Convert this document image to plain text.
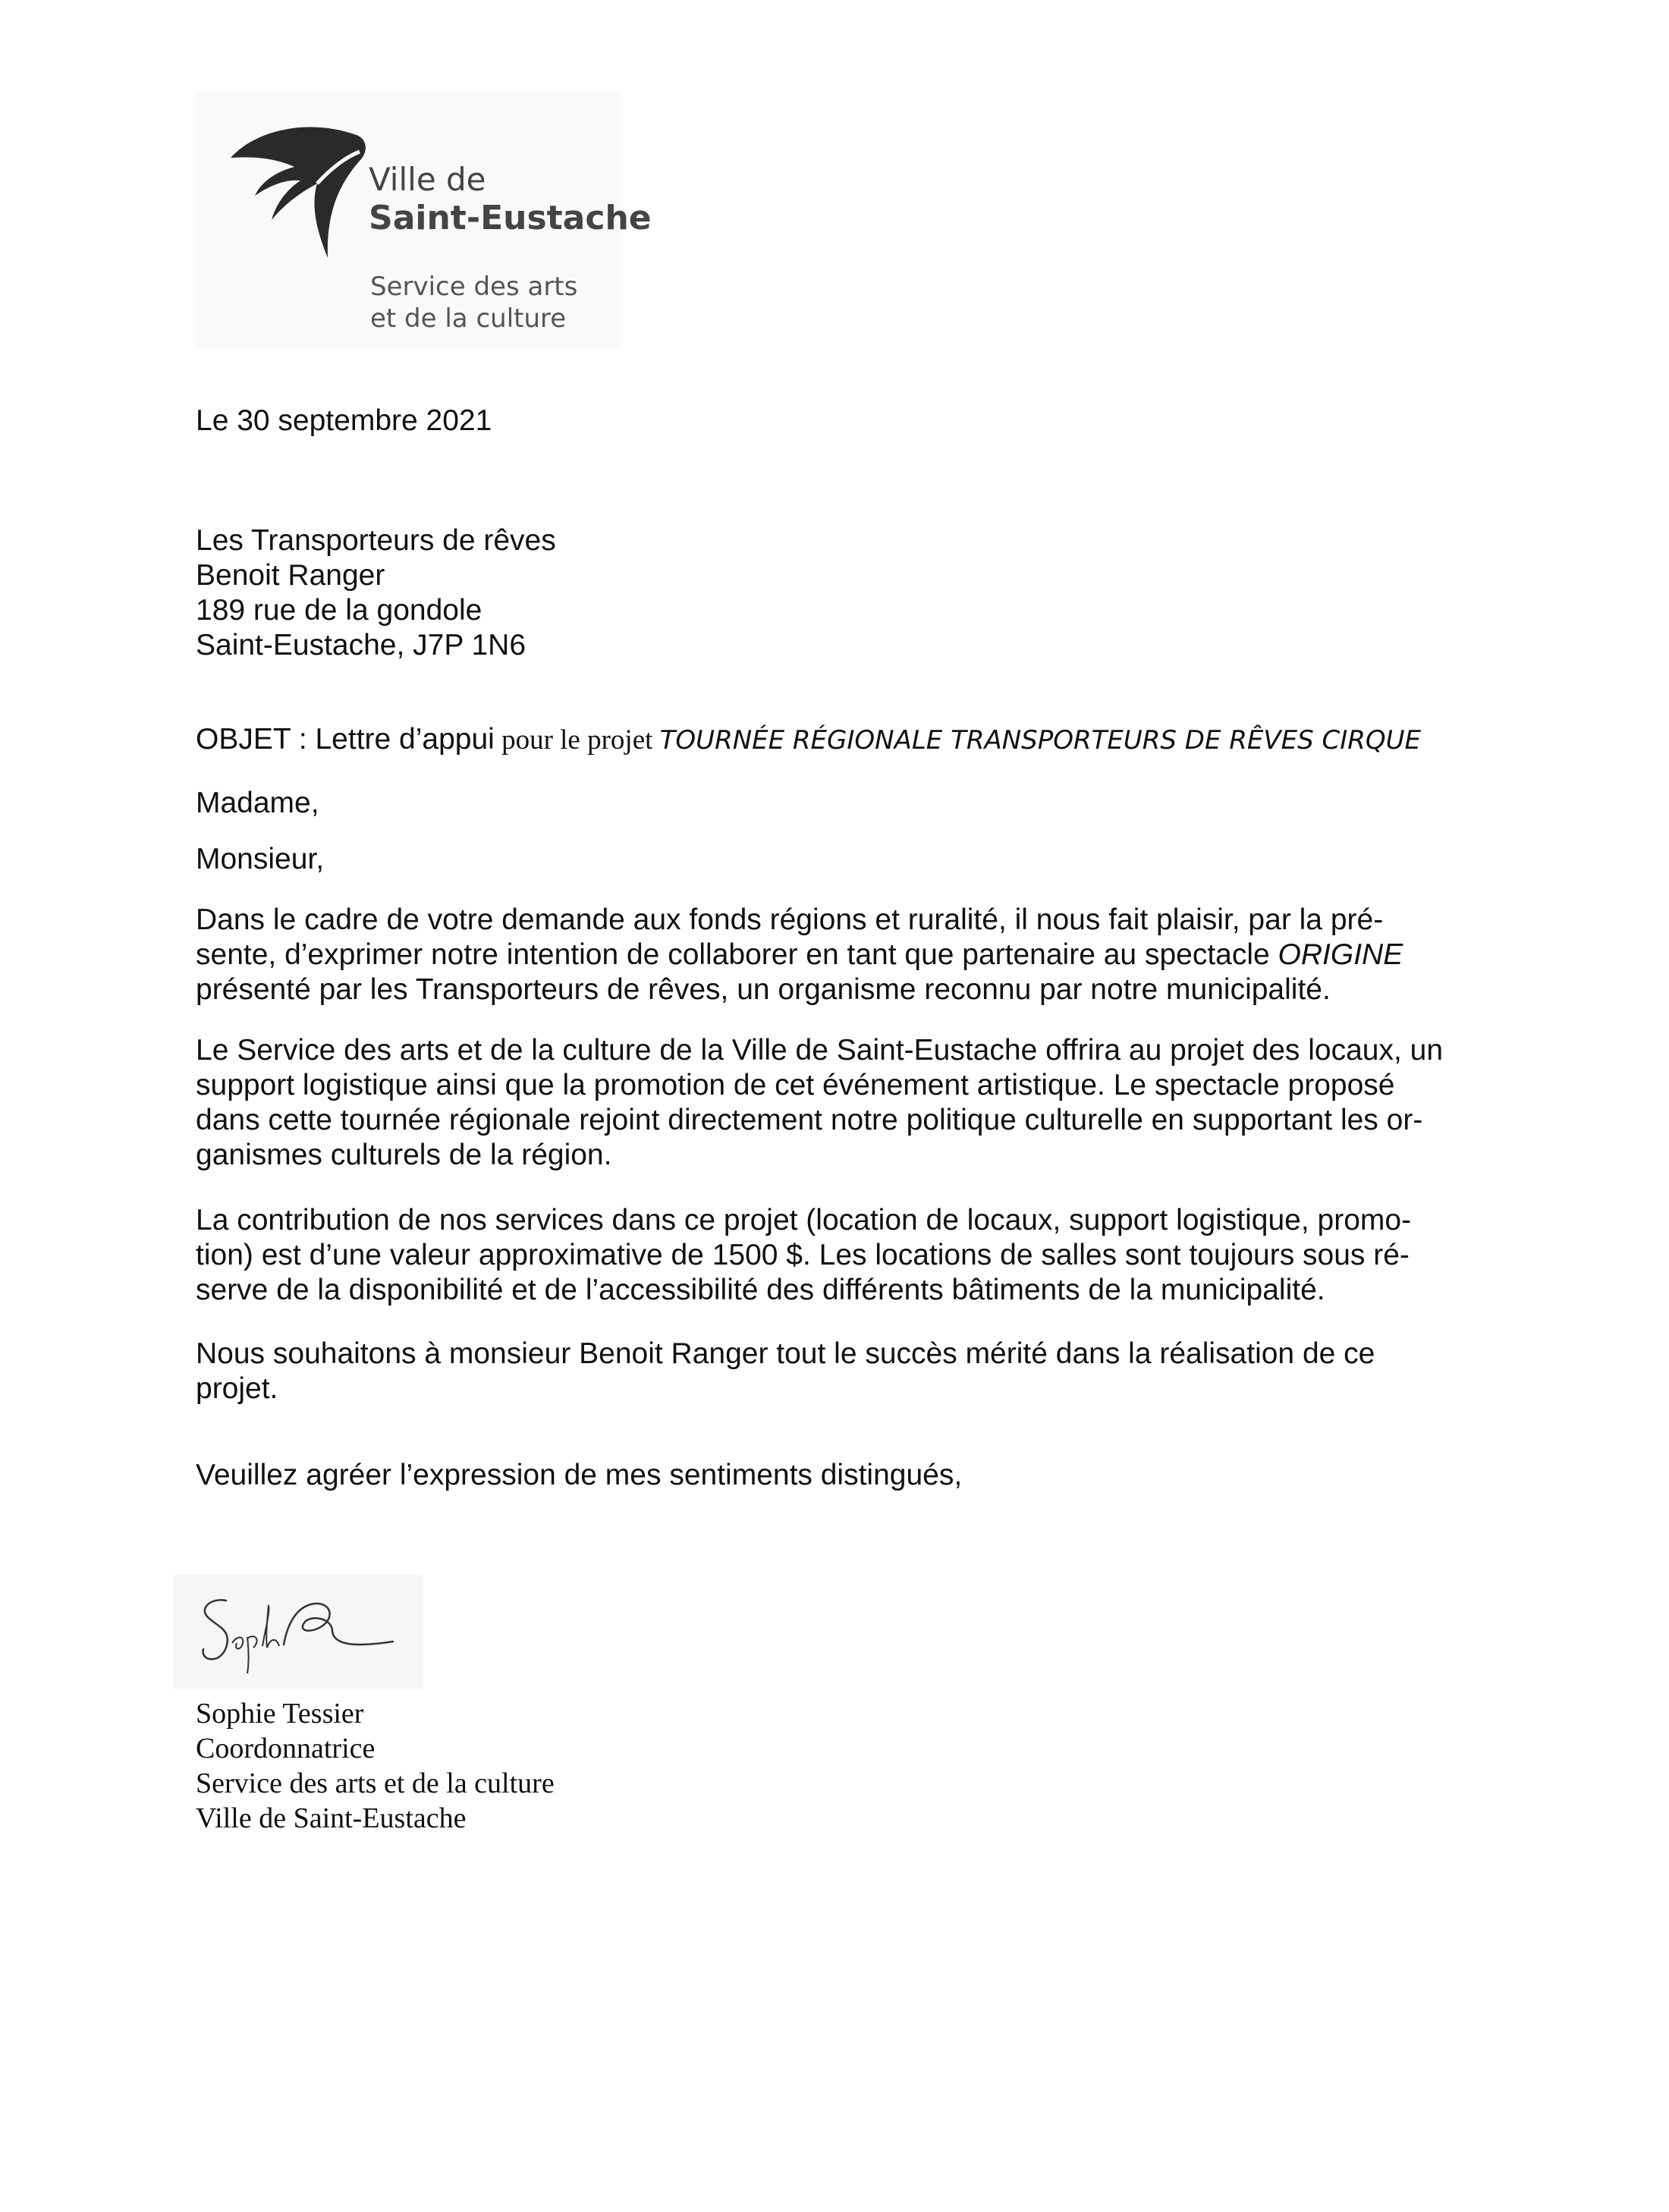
Ville de
Saint-Eustache
Service des arts
et de la culture
Le 30 septembre 2021
Les Transporteurs de rêves
Benoit Ranger
189 rue de la gondole
Saint-Eustache, J7P 1N6
OBJET : Lettre d’appui pour le projet TOURNÉE RÉGIONALE TRANSPORTEURS DE RÊVES CIRQUE
Madame,
Monsieur,
Dans le cadre de votre demande aux fonds régions et ruralité, il nous fait plaisir, par la pré-
sente, d’exprimer notre intention de collaborer en tant que partenaire au spectacle ORIGINE
présenté par les Transporteurs de rêves, un organisme reconnu par notre municipalité.
Le Service des arts et de la culture de la Ville de Saint-Eustache offrira au projet des locaux, un
support logistique ainsi que la promotion de cet événement artistique. Le spectacle proposé
dans cette tournée régionale rejoint directement notre politique culturelle en supportant les or-
ganismes culturels de la région.
La contribution de nos services dans ce projet (location de locaux, support logistique, promo-
tion) est d’une valeur approximative de 1500 $. Les locations de salles sont toujours sous ré-
serve de la disponibilité et de l’accessibilité des différents bâtiments de la municipalité.
Nous souhaitons à monsieur Benoit Ranger tout le succès mérité dans la réalisation de ce
projet.
Veuillez agréer l’expression de mes sentiments distingués,
Sophie Tessier
Coordonnatrice
Service des arts et de la culture
Ville de Saint-Eustache
